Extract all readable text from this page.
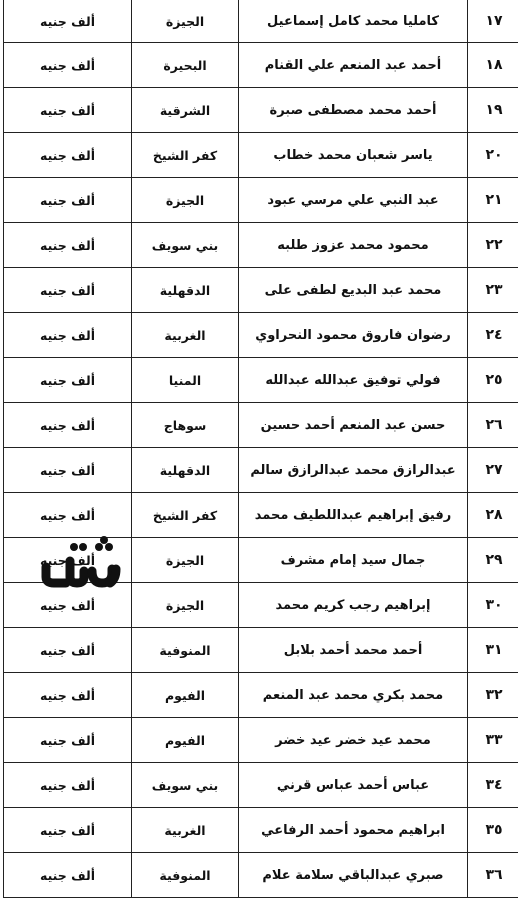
١٧	كامليا محمد كامل إسماعيل	الجيزة	ألف جنيه
١٨	أحمد عبد المنعم علي القنام	البحيرة	ألف جنيه
١٩	أحمد محمد مصطفى صبرة	الشرقية	ألف جنيه
٢٠	ياسر شعبان محمد خطاب	كفر الشيخ	ألف جنيه
٢١	عبد النبي علي مرسي عبود	الجيزة	ألف جنيه
٢٢	محمود محمد عزوز طلبه	بني سويف	ألف جنيه
٢٣	محمد عبد البديع لطفى على	الدقهلية	ألف جنيه
٢٤	رضوان فاروق محمود النحراوي	الغربية	ألف جنيه
٢٥	فولي توفيق عبدالله عبدالله	المنيا	ألف جنيه
٢٦	حسن عبد المنعم أحمد حسين	سوهاج	ألف جنيه
٢٧	عبدالرازق محمد عبدالرازق سالم	الدقهلية	ألف جنيه
٢٨	رفيق إبراهيم عبداللطيف محمد	كفر الشيخ	ألف جنيه
٢٩	جمال سيد إمام مشرف	الجيزة	ألف جنيه
٣٠	إبراهيم رجب كريم محمد	الجيزة	ألف جنيه
٣١	أحمد محمد أحمد بلابل	المنوفية	ألف جنيه
٣٢	محمد بكري محمد عبد المنعم	الفيوم	ألف جنيه
٣٣	محمد عيد خضر عيد خضر	الفيوم	ألف جنيه
٣٤	عباس أحمد عباس قرني	بني سويف	ألف جنيه
٣٥	ابراهيم محمود أحمد الرفاعي	الغربية	ألف جنيه
٣٦	صبري عبدالباقي سلامة علام	المنوفية	ألف جنيه
